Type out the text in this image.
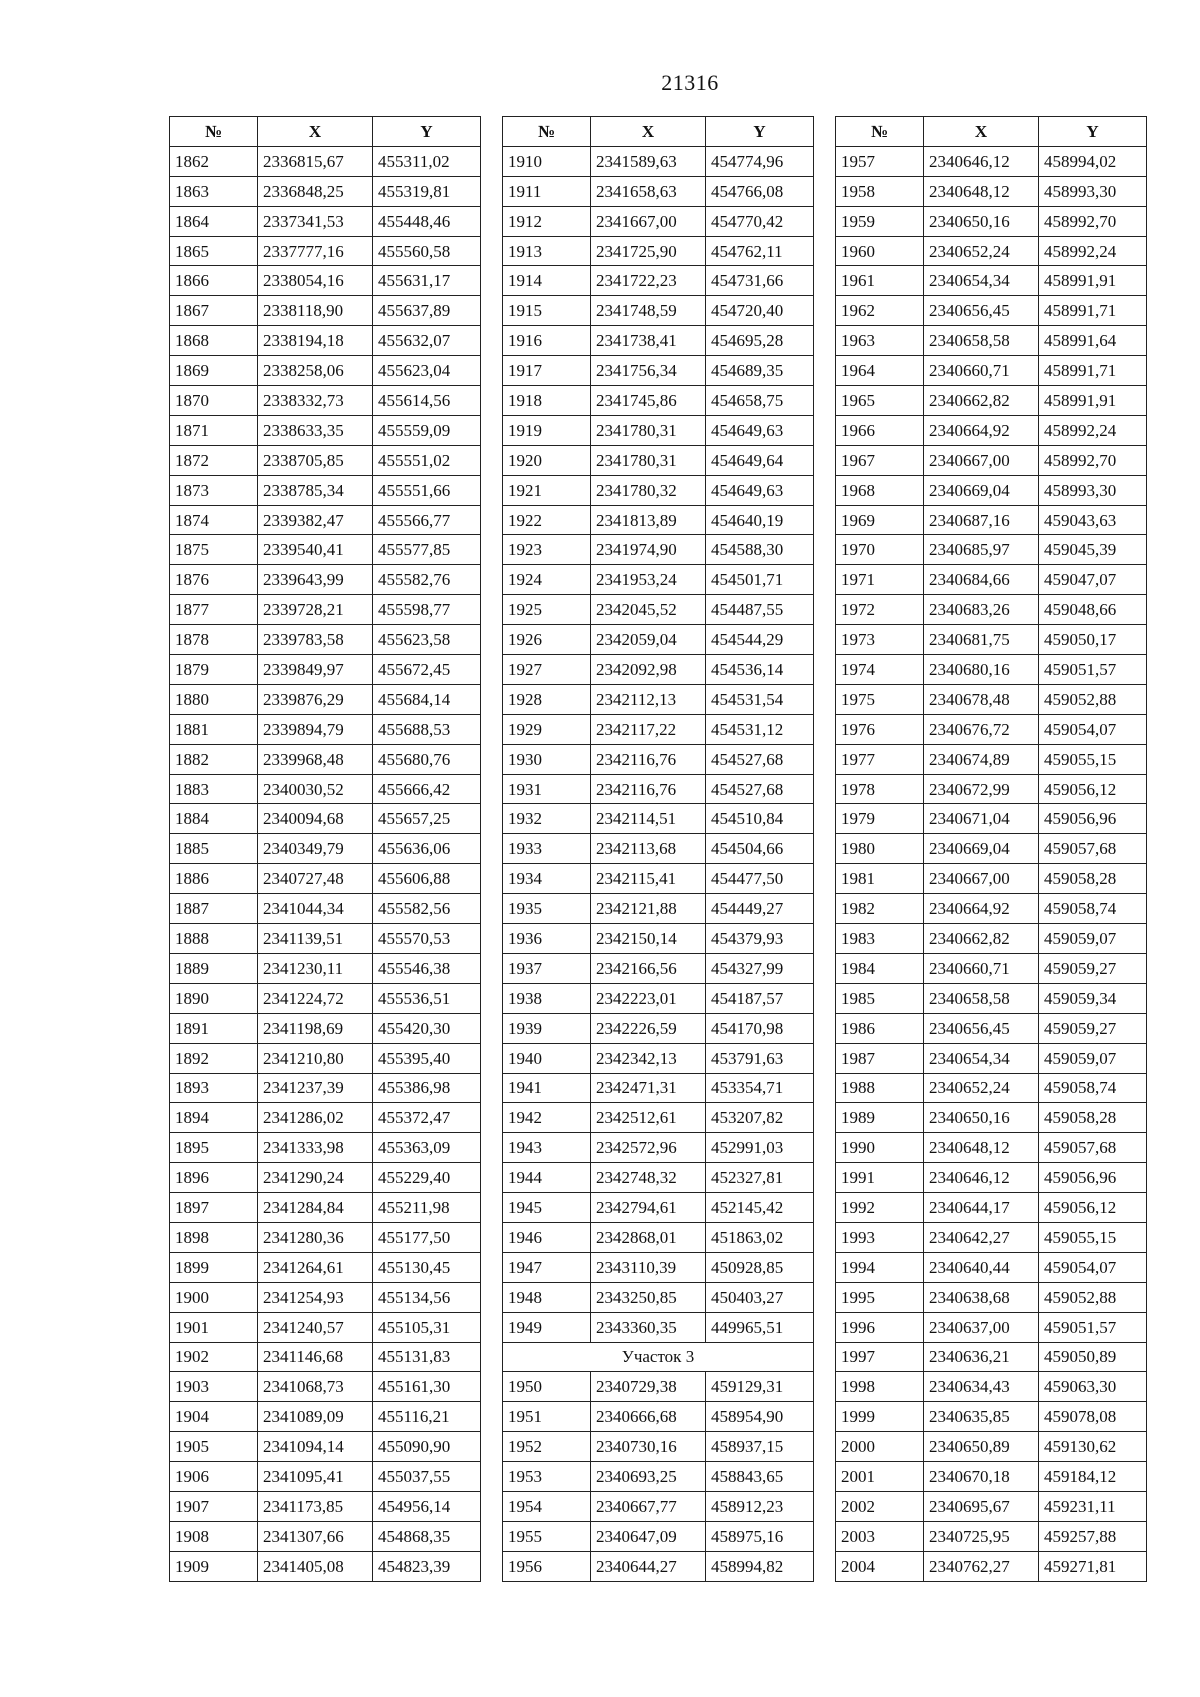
21316
№	X	Y
1862	2336815,67	455311,02
1863	2336848,25	455319,81
1864	2337341,53	455448,46
1865	2337777,16	455560,58
1866	2338054,16	455631,17
1867	2338118,90	455637,89
1868	2338194,18	455632,07
1869	2338258,06	455623,04
1870	2338332,73	455614,56
1871	2338633,35	455559,09
1872	2338705,85	455551,02
1873	2338785,34	455551,66
1874	2339382,47	455566,77
1875	2339540,41	455577,85
1876	2339643,99	455582,76
1877	2339728,21	455598,77
1878	2339783,58	455623,58
1879	2339849,97	455672,45
1880	2339876,29	455684,14
1881	2339894,79	455688,53
1882	2339968,48	455680,76
1883	2340030,52	455666,42
1884	2340094,68	455657,25
1885	2340349,79	455636,06
1886	2340727,48	455606,88
1887	2341044,34	455582,56
1888	2341139,51	455570,53
1889	2341230,11	455546,38
1890	2341224,72	455536,51
1891	2341198,69	455420,30
1892	2341210,80	455395,40
1893	2341237,39	455386,98
1894	2341286,02	455372,47
1895	2341333,98	455363,09
1896	2341290,24	455229,40
1897	2341284,84	455211,98
1898	2341280,36	455177,50
1899	2341264,61	455130,45
1900	2341254,93	455134,56
1901	2341240,57	455105,31
1902	2341146,68	455131,83
1903	2341068,73	455161,30
1904	2341089,09	455116,21
1905	2341094,14	455090,90
1906	2341095,41	455037,55
1907	2341173,85	454956,14
1908	2341307,66	454868,35
1909	2341405,08	454823,39
№	X	Y
1910	2341589,63	454774,96
1911	2341658,63	454766,08
1912	2341667,00	454770,42
1913	2341725,90	454762,11
1914	2341722,23	454731,66
1915	2341748,59	454720,40
1916	2341738,41	454695,28
1917	2341756,34	454689,35
1918	2341745,86	454658,75
1919	2341780,31	454649,63
1920	2341780,31	454649,64
1921	2341780,32	454649,63
1922	2341813,89	454640,19
1923	2341974,90	454588,30
1924	2341953,24	454501,71
1925	2342045,52	454487,55
1926	2342059,04	454544,29
1927	2342092,98	454536,14
1928	2342112,13	454531,54
1929	2342117,22	454531,12
1930	2342116,76	454527,68
1931	2342116,76	454527,68
1932	2342114,51	454510,84
1933	2342113,68	454504,66
1934	2342115,41	454477,50
1935	2342121,88	454449,27
1936	2342150,14	454379,93
1937	2342166,56	454327,99
1938	2342223,01	454187,57
1939	2342226,59	454170,98
1940	2342342,13	453791,63
1941	2342471,31	453354,71
1942	2342512,61	453207,82
1943	2342572,96	452991,03
1944	2342748,32	452327,81
1945	2342794,61	452145,42
1946	2342868,01	451863,02
1947	2343110,39	450928,85
1948	2343250,85	450403,27
1949	2343360,35	449965,51
Участок 3		
1950	2340729,38	459129,31
1951	2340666,68	458954,90
1952	2340730,16	458937,15
1953	2340693,25	458843,65
1954	2340667,77	458912,23
1955	2340647,09	458975,16
1956	2340644,27	458994,82
№	X	Y
1957	2340646,12	458994,02
1958	2340648,12	458993,30
1959	2340650,16	458992,70
1960	2340652,24	458992,24
1961	2340654,34	458991,91
1962	2340656,45	458991,71
1963	2340658,58	458991,64
1964	2340660,71	458991,71
1965	2340662,82	458991,91
1966	2340664,92	458992,24
1967	2340667,00	458992,70
1968	2340669,04	458993,30
1969	2340687,16	459043,63
1970	2340685,97	459045,39
1971	2340684,66	459047,07
1972	2340683,26	459048,66
1973	2340681,75	459050,17
1974	2340680,16	459051,57
1975	2340678,48	459052,88
1976	2340676,72	459054,07
1977	2340674,89	459055,15
1978	2340672,99	459056,12
1979	2340671,04	459056,96
1980	2340669,04	459057,68
1981	2340667,00	459058,28
1982	2340664,92	459058,74
1983	2340662,82	459059,07
1984	2340660,71	459059,27
1985	2340658,58	459059,34
1986	2340656,45	459059,27
1987	2340654,34	459059,07
1988	2340652,24	459058,74
1989	2340650,16	459058,28
1990	2340648,12	459057,68
1991	2340646,12	459056,96
1992	2340644,17	459056,12
1993	2340642,27	459055,15
1994	2340640,44	459054,07
1995	2340638,68	459052,88
1996	2340637,00	459051,57
1997	2340636,21	459050,89
1998	2340634,43	459063,30
1999	2340635,85	459078,08
2000	2340650,89	459130,62
2001	2340670,18	459184,12
2002	2340695,67	459231,11
2003	2340725,95	459257,88
2004	2340762,27	459271,81
